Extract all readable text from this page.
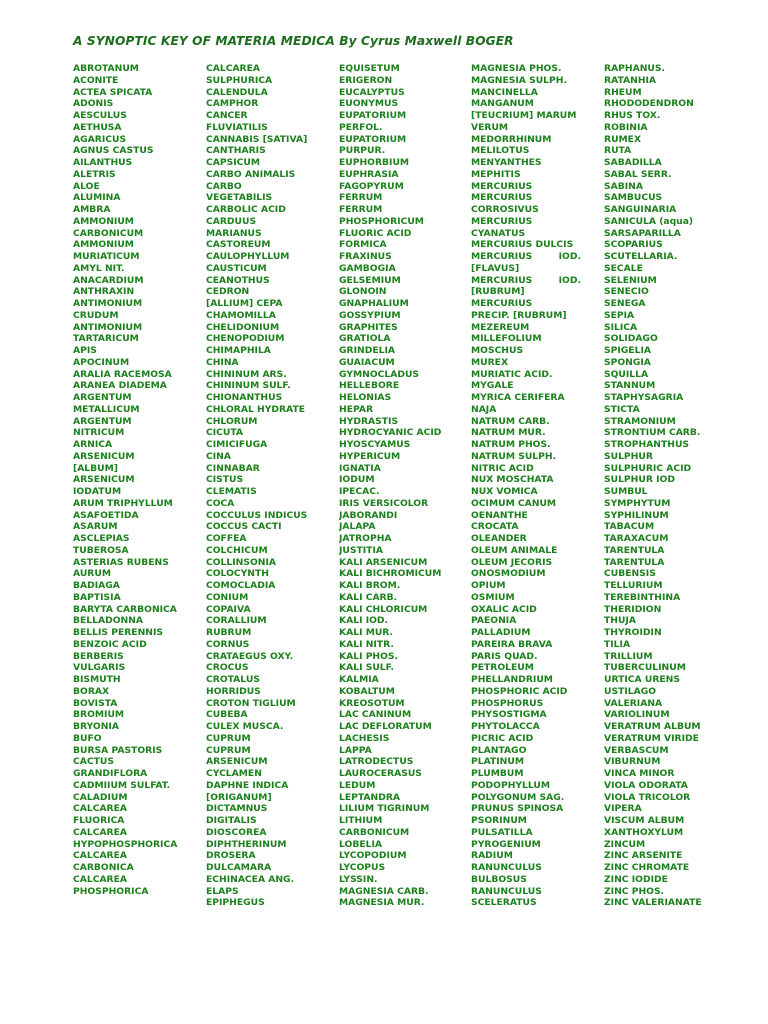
A SYNOPTIC KEY OF MATERIA MEDICA By Cyrus Maxwell BOGER
ABROTANUM
ACONITE
ACTEA SPICATA
ADONIS
AESCULUS
AETHUSA
AGARICUS
AGNUS CASTUS
AILANTHUS
ALETRIS
ALOE
ALUMINA
AMBRA
AMMONIUM
CARBONICUM
AMMONIUM
MURIATICUM
AMYL NIT.
ANACARDIUM
ANTHRAXIN
ANTIMONIUM
CRUDUM
ANTIMONIUM
TARTARICUM
APIS
APOCINUM
ARALIA RACEMOSA
ARANEA DIADEMA
ARGENTUM
METALLICUM
ARGENTUM
NITRICUM
ARNICA
ARSENICUM
[ALBUM]
ARSENICUM
IODATUM
ARUM TRIPHYLLUM
ASAFOETIDA
ASARUM
ASCLEPIAS
TUBEROSA
ASTERIAS RUBENS
AURUM
BADIAGA
BAPTISIA
BARYTA CARBONICA
BELLADONNA
BELLIS PERENNIS
BENZOIC ACID
BERBERIS
VULGARIS
BISMUTH
BORAX
BOVISTA
BROMIUM
BRYONIA
BUFO
BURSA PASTORIS
CACTUS
GRANDIFLORA
CADMIIUM SULFAT.
CALADIUM
CALCAREA
FLUORICA
CALCAREA
HYPOPHOSPHORICA
CALCAREA
CARBONICA
CALCAREA
PHOSPHORICA
CALCAREA
SULPHURICA
CALENDULA
CAMPHOR
CANCER
FLUVIATILIS
CANNABIS [SATIVA]
CANTHARIS
CAPSICUM
CARBO ANIMALIS
CARBO
VEGETABILIS
CARBOLIC ACID
CARDUUS
MARIANUS
CASTOREUM
CAULOPHYLLUM
CAUSTICUM
CEANOTHUS
CEDRON
[ALLIUM] CEPA
CHAMOMILLA
CHELIDONIUM
CHENOPODIUM
CHIMAPHILA
CHINA
CHININUM ARS.
CHININUM SULF.
CHIONANTHUS
CHLORAL HYDRATE
CHLORUM
CICUTA
CIMICIFUGA
CINA
CINNABAR
CISTUS
CLEMATIS
COCA
COCCULUS INDICUS
COCCUS CACTI
COFFEA
COLCHICUM
COLLINSONIA
COLOCYNTH
COMOCLADIA
CONIUM
COPAIVA
CORALLIUM
RUBRUM
CORNUS
CRATAEGUS OXY.
CROCUS
CROTALUS
HORRIDUS
CROTON TIGLIUM
CUBEBA
CULEX MUSCA.
CUPRUM
CUPRUM
ARSENICUM
CYCLAMEN
DAPHNE INDICA
[ORIGANUM]
DICTAMNUS
DIGITALIS
DIOSCOREA
DIPHTHERINUM
DROSERA
DULCAMARA
ECHINACEA ANG.
ELAPS
EPIPHEGUS
EQUISETUM
ERIGERON
EUCALYPTUS
EUONYMUS
EUPATORIUM
PERFOL.
EUPATORIUM
PURPUR.
EUPHORBIUM
EUPHRASIA
FAGOPYRUM
FERRUM
FERRUM
PHOSPHORICUM
FLUORIC ACID
FORMICA
FRAXINUS
GAMBOGIA
GELSEMIUM
GLONOIN
GNAPHALIUM
GOSSYPIUM
GRAPHITES
GRATIOLA
GRINDELIA
GUAIACUM
GYMNOCLADUS
HELLEBORE
HELONIAS
HEPAR
HYDRASTIS
HYDROCYANIC ACID
HYOSCYAMUS
HYPERICUM
IGNATIA
IODUM
IPECAC.
IRIS VERSICOLOR
JABORANDI
JALAPA
JATROPHA
JUSTITIA
KALI ARSENICUM
KALI BICHROMICUM
KALI BROM.
KALI CARB.
KALI CHLORICUM
KALI IOD.
KALI MUR.
KALI NITR.
KALI PHOS.
KALI SULF.
KALMIA
KOBALTUM
KREOSOTUM
LAC CANINUM
LAC DEFLORATUM
LACHESIS
LAPPA
LATRODECTUS
LAUROCERASUS
LEDUM
LEPTANDRA
LILIUM TIGRINUM
LITHIUM
CARBONICUM
LOBELIA
LYCOPODIUM
LYCOPUS
LYSSIN.
MAGNESIA CARB.
MAGNESIA MUR.
MAGNESIA PHOS.
MAGNESIA SULPH.
MANCINELLA
MANGANUM
[TEUCRIUM] MARUM
VERUM
MEDORRHINUM
MELILOTUS
MENYANTHES
MEPHITIS
MERCURIUS
MERCURIUS
CORROSIVUS
MERCURIUS
CYANATUS
MERCURIUS DULCIS
MERCURIUS	IOD.
[FLAVUS]
MERCURIUS	IOD.
[RUBRUM]
MERCURIUS
PRECIP. [RUBRUM]
MEZEREUM
MILLEFOLIUM
MOSCHUS
MUREX
MURIATIC ACID.
MYGALE
MYRICA CERIFERA
NAJA
NATRUM CARB.
NATRUM MUR.
NATRUM PHOS.
NATRUM SULPH.
NITRIC ACID
NUX MOSCHATA
NUX VOMICA
OCIMUM CANUM
OENANTHE
CROCATA
OLEANDER
OLEUM ANIMALE
OLEUM JECORIS
ONOSMODIUM
OPIUM
OSMIUM
OXALIC ACID
PAEONIA
PALLADIUM
PAREIRA BRAVA
PARIS QUAD.
PETROLEUM
PHELLANDRIUM
PHOSPHORIC ACID
PHOSPHORUS
PHYSOSTIGMA
PHYTOLACCA
PICRIC ACID
PLANTAGO
PLATINUM
PLUMBUM
PODOPHYLLUM
POLYGONUM SAG.
PRUNUS SPINOSA
PSORINUM
PULSATILLA
PYROGENIUM
RADIUM
RANUNCULUS
BULBOSUS
RANUNCULUS
SCELERATUS
RAPHANUS.
RATANHIA
RHEUM
RHODODENDRON
RHUS TOX.
ROBINIA
RUMEX
RUTA
SABADILLA
SABAL SERR.
SABINA
SAMBUCUS
SANGUINARIA
SANICULA (aqua)
SARSAPARILLA
SCOPARIUS
SCUTELLARIA.
SECALE
SELENIUM
SENECIO
SENEGA
SEPIA
SILICA
SOLIDAGO
SPIGELIA
SPONGIA
SQUILLA
STANNUM
STAPHYSAGRIA
STICTA
STRAMONIUM
STRONTIUM CARB.
STROPHANTHUS
SULPHUR
SULPHURIC ACID
SULPHUR IOD
SUMBUL
SYMPHYTUM
SYPHILINUM
TABACUM
TARAXACUM
TARENTULA
TARENTULA
CUBENSIS
TELLURIUM
TEREBINTHINA
THERIDION
THUJA
THYROIDIN
TILIA
TRILLIUM
TUBERCULINUM
URTICA URENS
USTILAGO
VALERIANA
VARIOLINUM
VERATRUM ALBUM
VERATRUM VIRIDE
VERBASCUM
VIBURNUM
VINCA MINOR
VIOLA ODORATA
VIOLA TRICOLOR
VIPERA
VISCUM ALBUM
XANTHOXYLUM
ZINCUM
ZINC ARSENITE
ZINC CHROMATE
ZINC IODIDE
ZINC PHOS.
ZINC VALERIANATE
